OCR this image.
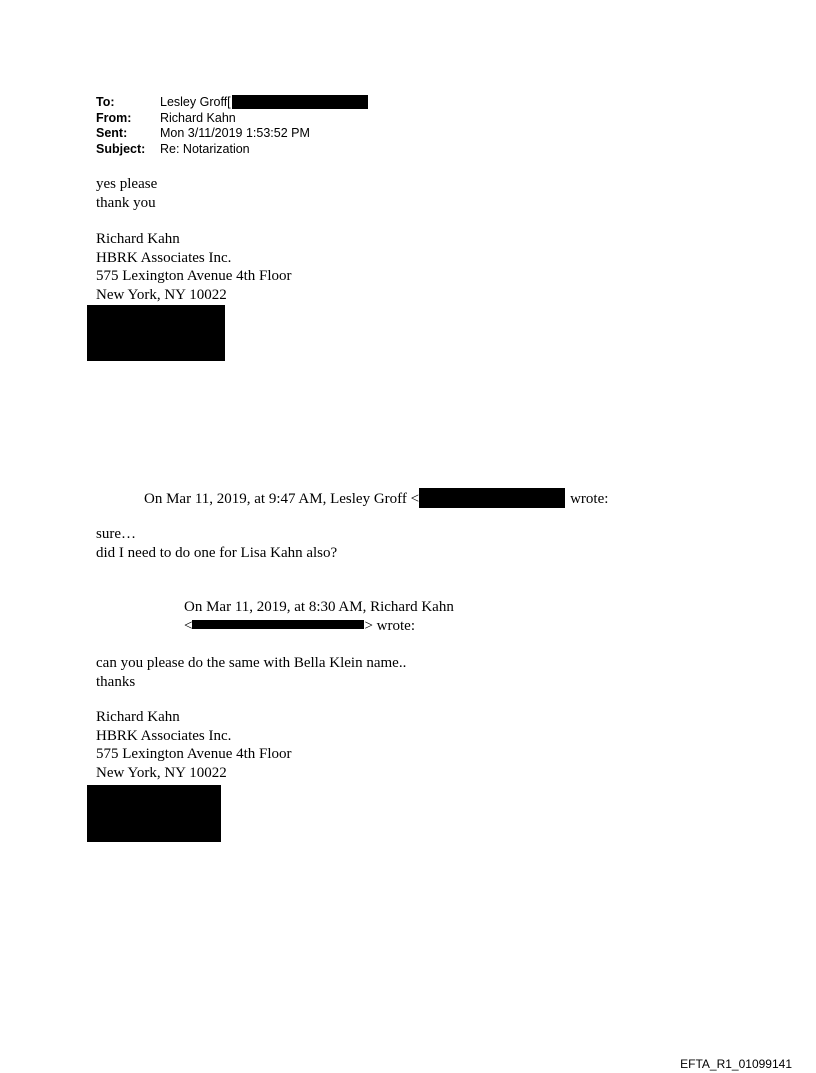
To:	Lesley Groff[
From:	Richard Kahn
Sent:	Mon 3/11/2019 1:53:52 PM
Subject:	Re: Notarization
yes please
thank you
Richard Kahn
HBRK Associates Inc.
575 Lexington Avenue 4th Floor
New York, NY 10022
On Mar 11, 2019, at 9:47 AM, Lesley Groff <	wrote:
sure…
did I need to do one for Lisa Kahn also?
On Mar 11, 2019, at 8:30 AM, Richard Kahn
<	> wrote:
can you please do the same with Bella Klein name..
thanks
Richard Kahn
HBRK Associates Inc.
575 Lexington Avenue 4th Floor
New York, NY 10022
EFTA_R1_01099141
